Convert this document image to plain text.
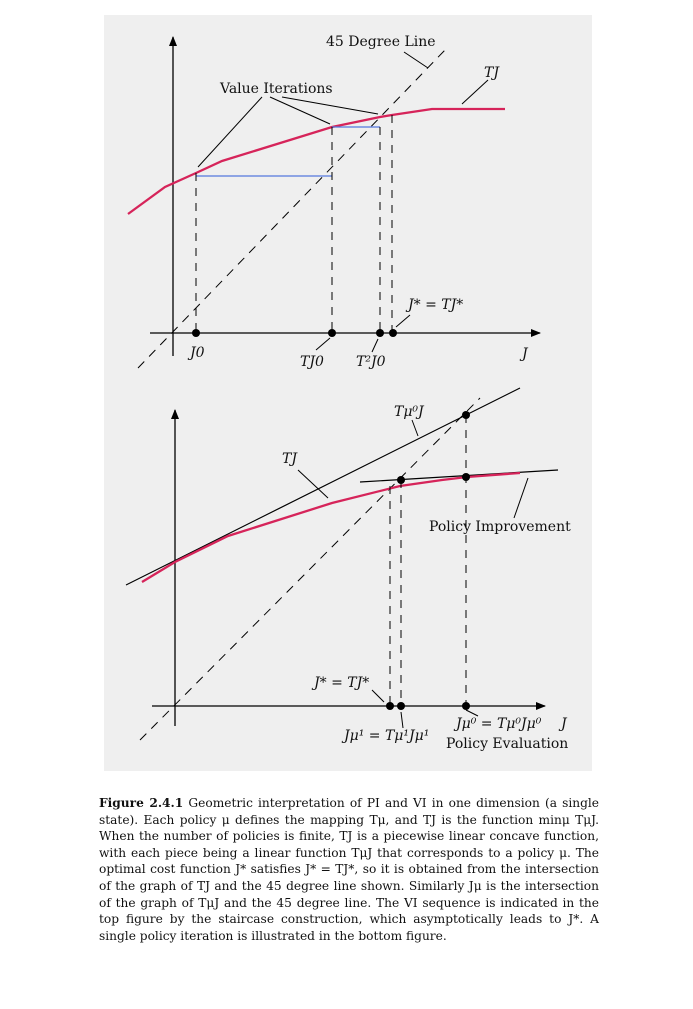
45 Degree Line
TJ
Value Iterations
J* = TJ*
J0
TJ0 T²J0	J
Tμ⁰J
TJ
Policy Improvement
J* = TJ*
Jμ¹ = Tμ¹Jμ¹
Jμ⁰ = Tμ⁰Jμ⁰ J
Policy Evaluation
Figure 2.4.1 Geometric interpretation of PI and VI in one dimension (a single state). Each policy μ defines the mapping Tμ, and TJ is the function minμ TμJ. When the number of policies is finite, TJ is a piecewise linear concave function, with each piece being a linear function TμJ that corresponds to a policy μ. The optimal cost function J* satisfies J* = TJ*, so it is obtained from the intersection of the graph of TJ and the 45 degree line shown. Similarly Jμ is the intersection of the graph of TμJ and the 45 degree line. The VI sequence is indicated in the top figure by the staircase construction, which asymptotically leads to J*. A single policy iteration is illustrated in the bottom figure.
